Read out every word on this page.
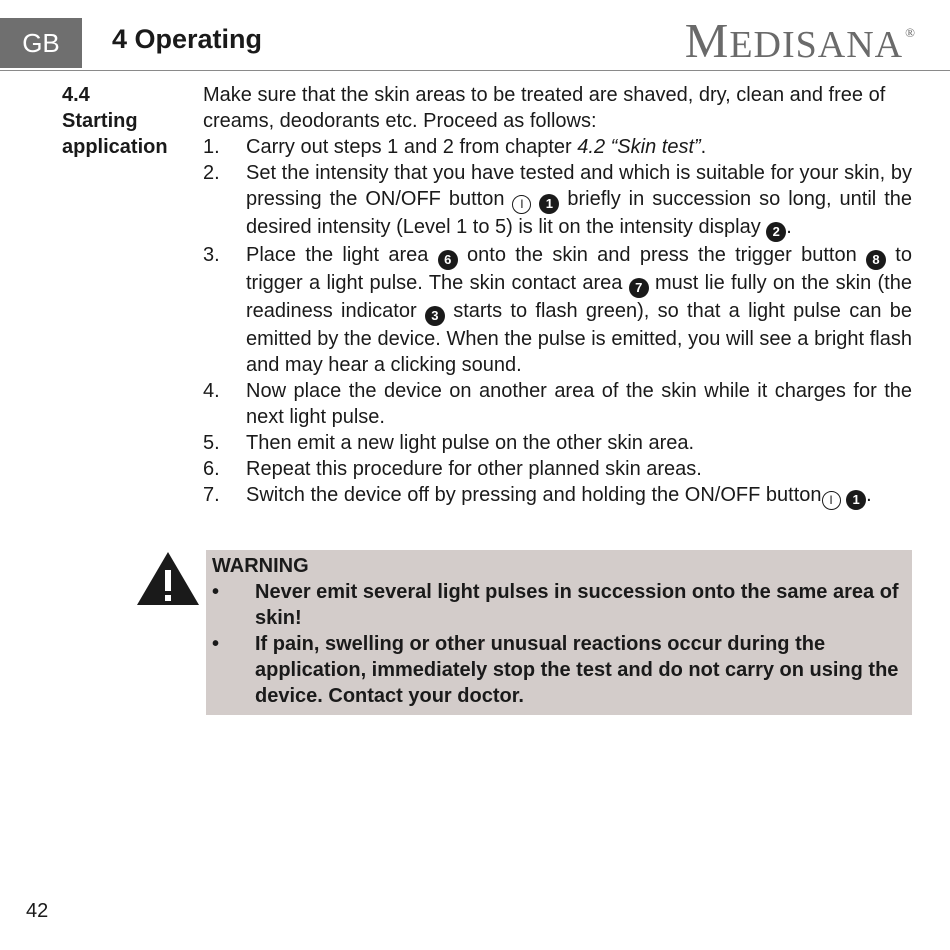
GB	4 Operating	MEDISANA ®
4.4
Starting
application

Make sure that the skin areas to be treated are shaved, dry, clean and free of creams, deodorants etc. Proceed as follows:

1.	Carry out steps 1 and 2 from chapter 4.2 “Skin test”.
2.	Set the intensity that you have tested and which is suitable for your skin, by pressing the ON/OFF button I 1 briefly in succession so long, until the desired intensity (Level 1 to 5) is lit on the intensity display 2 .
3.	Place the light area 6 onto the skin and press the trigger button 8 to trigger a light pulse. The skin contact area 7 must lie fully on the skin (the readiness indicator 3 starts to flash green), so that a light pulse can be emitted by the device. When the pulse is emitted, you will see a bright flash and may hear a clicking sound.
4.	Now place the device on another area of the skin while it charges for the next light pulse.
5.	Then emit a new light pulse on the other skin area.
6.	Repeat this procedure for other planned skin areas.
7.	Switch the device off by pressing and holding the ON/OFF button I 1 .
WARNING
•	Never emit several light pulses in succession onto the same area of skin!
•	If pain, swelling or other unusual reactions occur during the application, immediately stop the test and do not carry on using the device. Contact your doctor.
42
